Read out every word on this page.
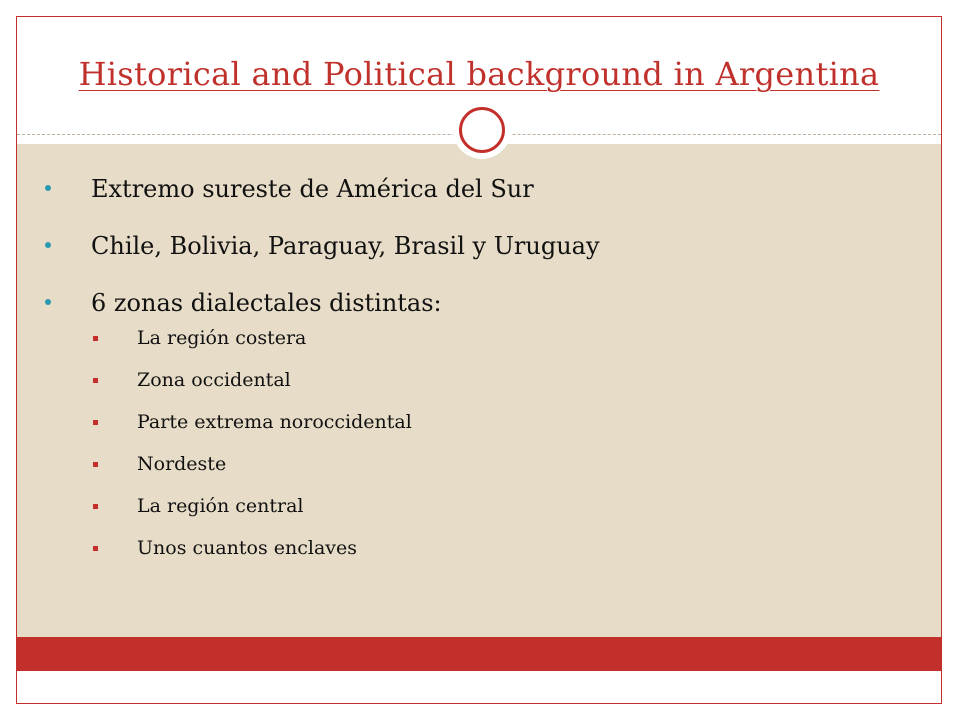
Historical and Political background in Argentina
Extremo sureste de América del Sur
Chile, Bolivia, Paraguay, Brasil y Uruguay
6 zonas dialectales distintas:
La región costera
Zona occidental
Parte extrema noroccidental
Nordeste
La región central
Unos cuantos enclaves
